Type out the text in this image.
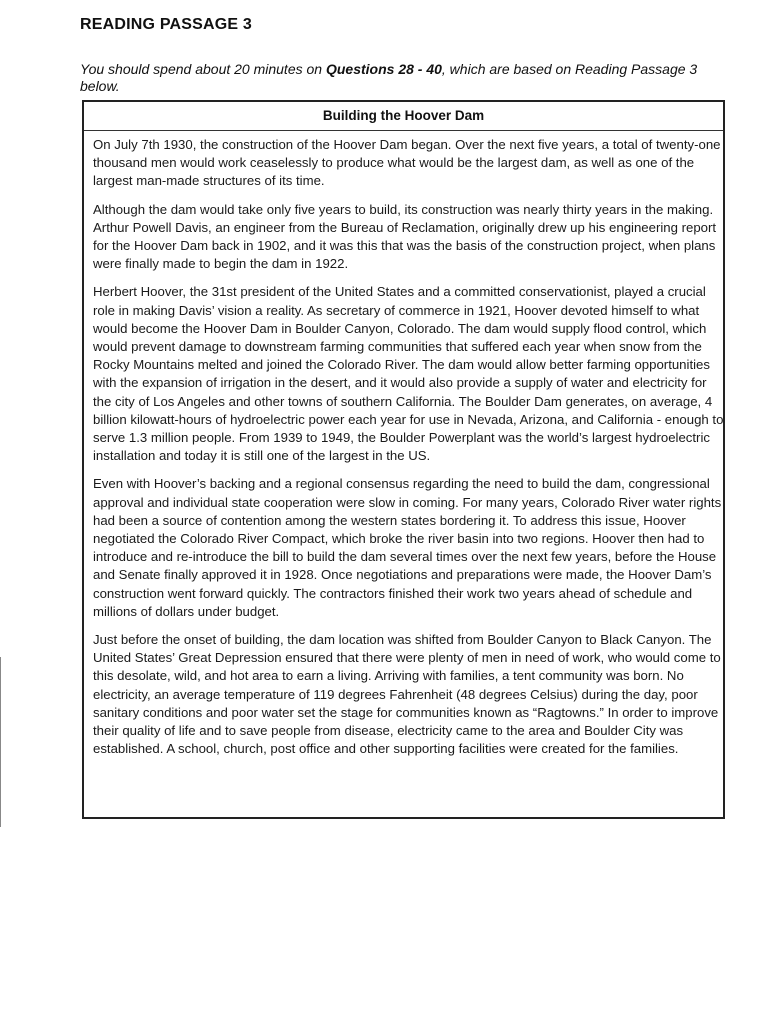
READING PASSAGE 3
You should spend about 20 minutes on Questions 28 - 40, which are based on Reading Passage 3 below.
Building the Hoover Dam

On July 7th 1930, the construction of the Hoover Dam began. Over the next five years, a total of twenty-one thousand men would work ceaselessly to produce what would be the largest dam, as well as one of the largest man-made structures of its time.

Although the dam would take only five years to build, its construction was nearly thirty years in the making. Arthur Powell Davis, an engineer from the Bureau of Reclamation, originally drew up his engineering report for the Hoover Dam back in 1902, and it was this that was the basis of the construction project, when plans were finally made to begin the dam in 1922.

Herbert Hoover, the 31st president of the United States and a committed conservationist, played a crucial role in making Davis’ vision a reality. As secretary of commerce in 1921, Hoover devoted himself to what would become the Hoover Dam in Boulder Canyon, Colorado. The dam would supply flood control, which would prevent damage to downstream farming communities that suffered each year when snow from the Rocky Mountains melted and joined the Colorado River. The dam would allow better farming opportunities with the expansion of irrigation in the desert, and it would also provide a supply of water and electricity for the city of Los Angeles and other towns of southern California. The Boulder Dam generates, on average, 4 billion kilowatt-hours of hydroelectric power each year for use in Nevada, Arizona, and California - enough to serve 1.3 million people. From 1939 to 1949, the Boulder Powerplant was the world’s largest hydroelectric installation and today it is still one of the largest in the US.

Even with Hoover’s backing and a regional consensus regarding the need to build the dam, congressional approval and individual state cooperation were slow in coming. For many years, Colorado River water rights had been a source of contention among the western states bordering it. To address this issue, Hoover negotiated the Colorado River Compact, which broke the river basin into two regions. Hoover then had to introduce and re-introduce the bill to build the dam several times over the next few years, before the House and Senate finally approved it in 1928. Once negotiations and preparations were made, the Hoover Dam’s construction went forward quickly. The contractors finished their work two years ahead of schedule and millions of dollars under budget.

Just before the onset of building, the dam location was shifted from Boulder Canyon to Black Canyon. The United States’ Great Depression ensured that there were plenty of men in need of work, who would come to this desolate, wild, and hot area to earn a living. Arriving with families, a tent community was born. No electricity, an average temperature of 119 degrees Fahrenheit (48 degrees Celsius) during the day, poor sanitary conditions and poor water set the stage for communities known as “Ragtowns.” In order to improve their quality of life and to save people from disease, electricity came to the area and Boulder City was established. A school, church, post office and other supporting facilities were created for the families.
